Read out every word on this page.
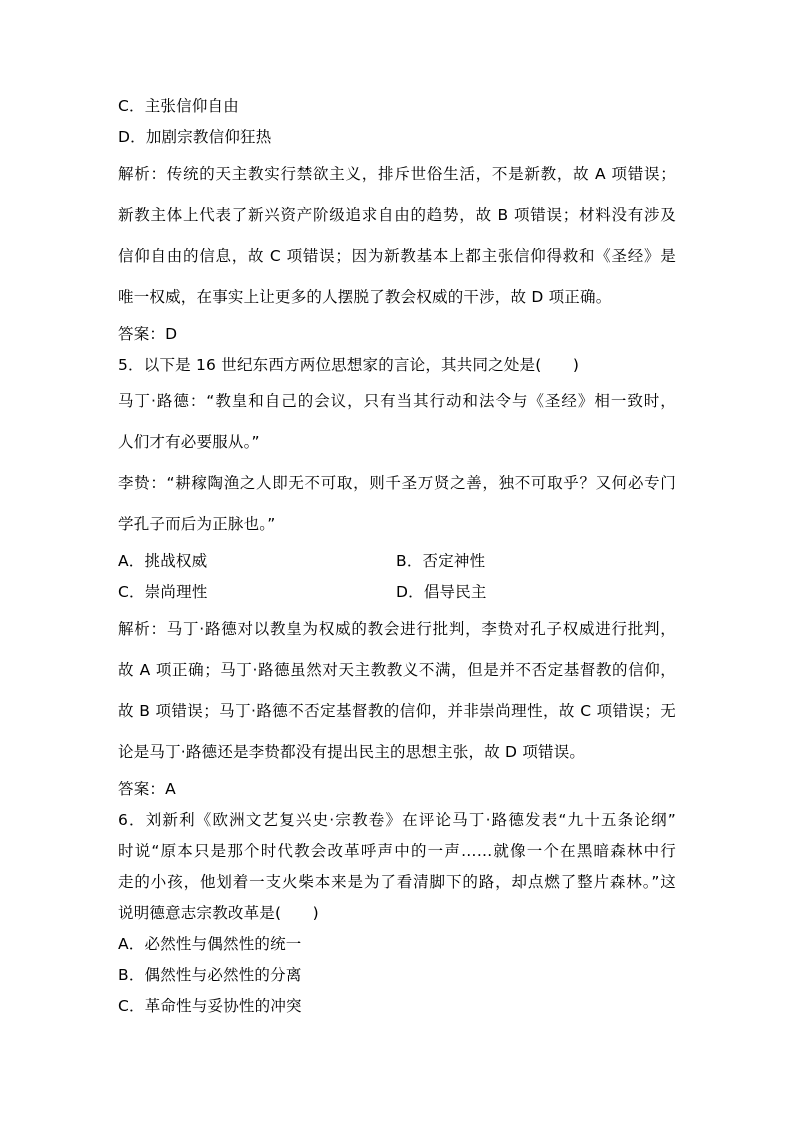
C．主张信仰自由
D．加剧宗教信仰狂热
解析：传统的天主教实行禁欲主义，排斥世俗生活，不是新教，故 A 项错误；
新教主体上代表了新兴资产阶级追求自由的趋势，故 B 项错误；材料没有涉及
信仰自由的信息，故 C 项错误；因为新教基本上都主张信仰得救和《圣经》是
唯一权威，在事实上让更多的人摆脱了教会权威的干涉，故 D 项正确。
答案：D
5．以下是 16 世纪东西方两位思想家的言论，其共同之处是(　　)
马丁·路德：“教皇和自己的会议，只有当其行动和法令与《圣经》相一致时，
人们才有必要服从。”
李贽：“耕稼陶渔之人即无不可取，则千圣万贤之善，独不可取乎？又何必专门
学孔子而后为正脉也。”
A．挑战权威	B．否定神性
C．崇尚理性	D．倡导民主
解析：马丁·路德对以教皇为权威的教会进行批判，李贽对孔子权威进行批判，
故 A 项正确；马丁·路德虽然对天主教教义不满，但是并不否定基督教的信仰，
故 B 项错误；马丁·路德不否定基督教的信仰，并非崇尚理性，故 C 项错误；无
论是马丁·路德还是李贽都没有提出民主的思想主张，故 D 项错误。
答案：A
6．刘新利《欧洲文艺复兴史·宗教卷》在评论马丁·路德发表“九十五条论纲”
时说“原本只是那个时代教会改革呼声中的一声……就像一个在黑暗森林中行
走的小孩，他划着一支火柴本来是为了看清脚下的路，却点燃了整片森林。”这
说明德意志宗教改革是(　　)
A．必然性与偶然性的统一
B．偶然性与必然性的分离
C．革命性与妥协性的冲突
